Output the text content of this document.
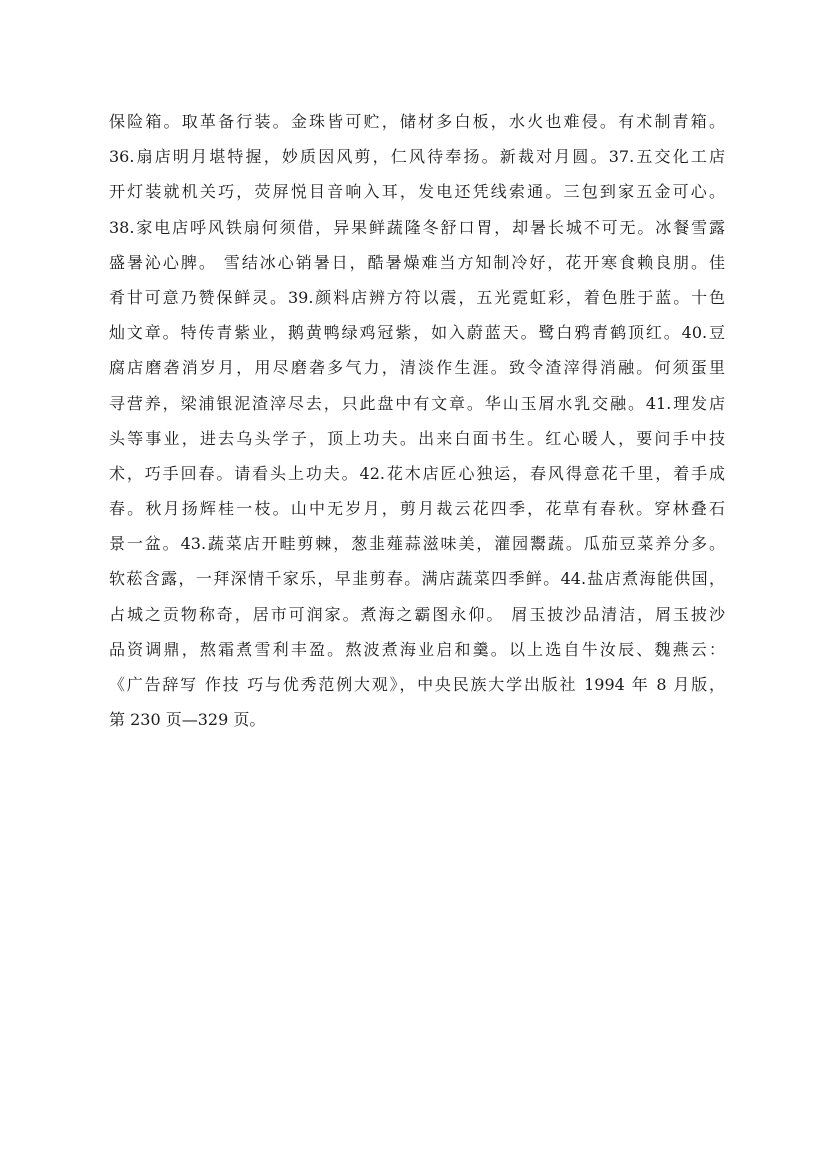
保险箱。取革备行装。金珠皆可贮，储材多白板，水火也难侵。有术制青箱。
36.扇店明月堪特握，妙质因风剪，仁风待奉扬。新裁对月圆。37.五交化工店
开灯装就机关巧，荧屏悦目音响入耳，发电还凭线索通。三包到家五金可心。
38.家电店呼风铁扇何须借，异果鲜蔬隆冬舒口胃，却暑长城不可无。冰餐雪露
盛暑沁心脾。 雪结冰心销暑日，酷暑燥难当方知制冷好，花开寒食赖良朋。佳
肴甘可意乃赞保鲜灵。39.颜料店辨方符以震，五光霓虹彩，着色胜于蓝。十色
灿文章。特传青紫业，鹅黄鸭绿鸡冠紫，如入蔚蓝天。鹭白鸦青鹤顶红。40.豆
腐店磨砻消岁月，用尽磨砻多气力，清淡作生涯。致令渣滓得消融。何须蛋里
寻营养，梁浦银泥渣滓尽去，只此盘中有文章。华山玉屑水乳交融。41.理发店
头等事业，进去乌头学子，顶上功夫。出来白面书生。红心暖人，要问手中技
术，巧手回春。请看头上功夫。42.花木店匠心独运，春风得意花千里，着手成
春。秋月扬辉桂一枝。山中无岁月，剪月裁云花四季，花草有春秋。穿林叠石
景一盆。43.蔬菜店开畦剪棘，葱韭薤蒜滋味美，灌园鬻蔬。瓜茄豆菜养分多。
软菘含露，一拜深情千家乐，早韭剪春。满店蔬菜四季鲜。44.盐店煮海能供国，
占城之贡物称奇，居市可润家。煮海之霸图永仰。 屑玉披沙品清洁，屑玉披沙
品资调鼎，熬霜煮雪利丰盈。熬波煮海业启和羹。以上选自牛汝辰、魏燕云：
《广告辞写 作技 巧与优秀范例大观》，中央民族大学出版社 1994 年 8 月版，
第 230 页—329 页。
